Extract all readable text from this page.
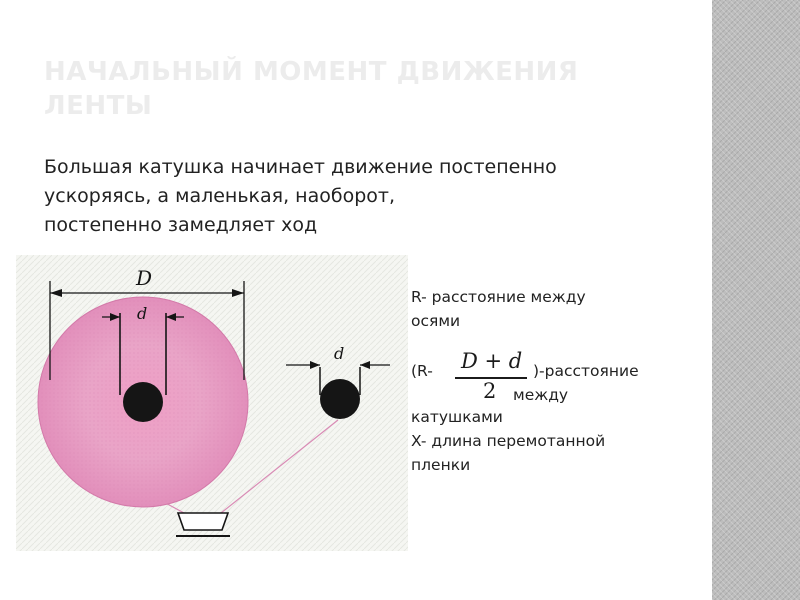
НАЧАЛЬНЫЙ МОМЕНТ ДВИЖЕНИЯ
ЛЕНТЫ

Большая катушка начинает движение постепенно
ускоряясь, а маленькая, наоборот,
постепенно замедляет ход

D
d
d
R- расстояние между
осями

(R- D + d
2
)-расстояние
между
катушками
X- длина перемотанной
пленки
